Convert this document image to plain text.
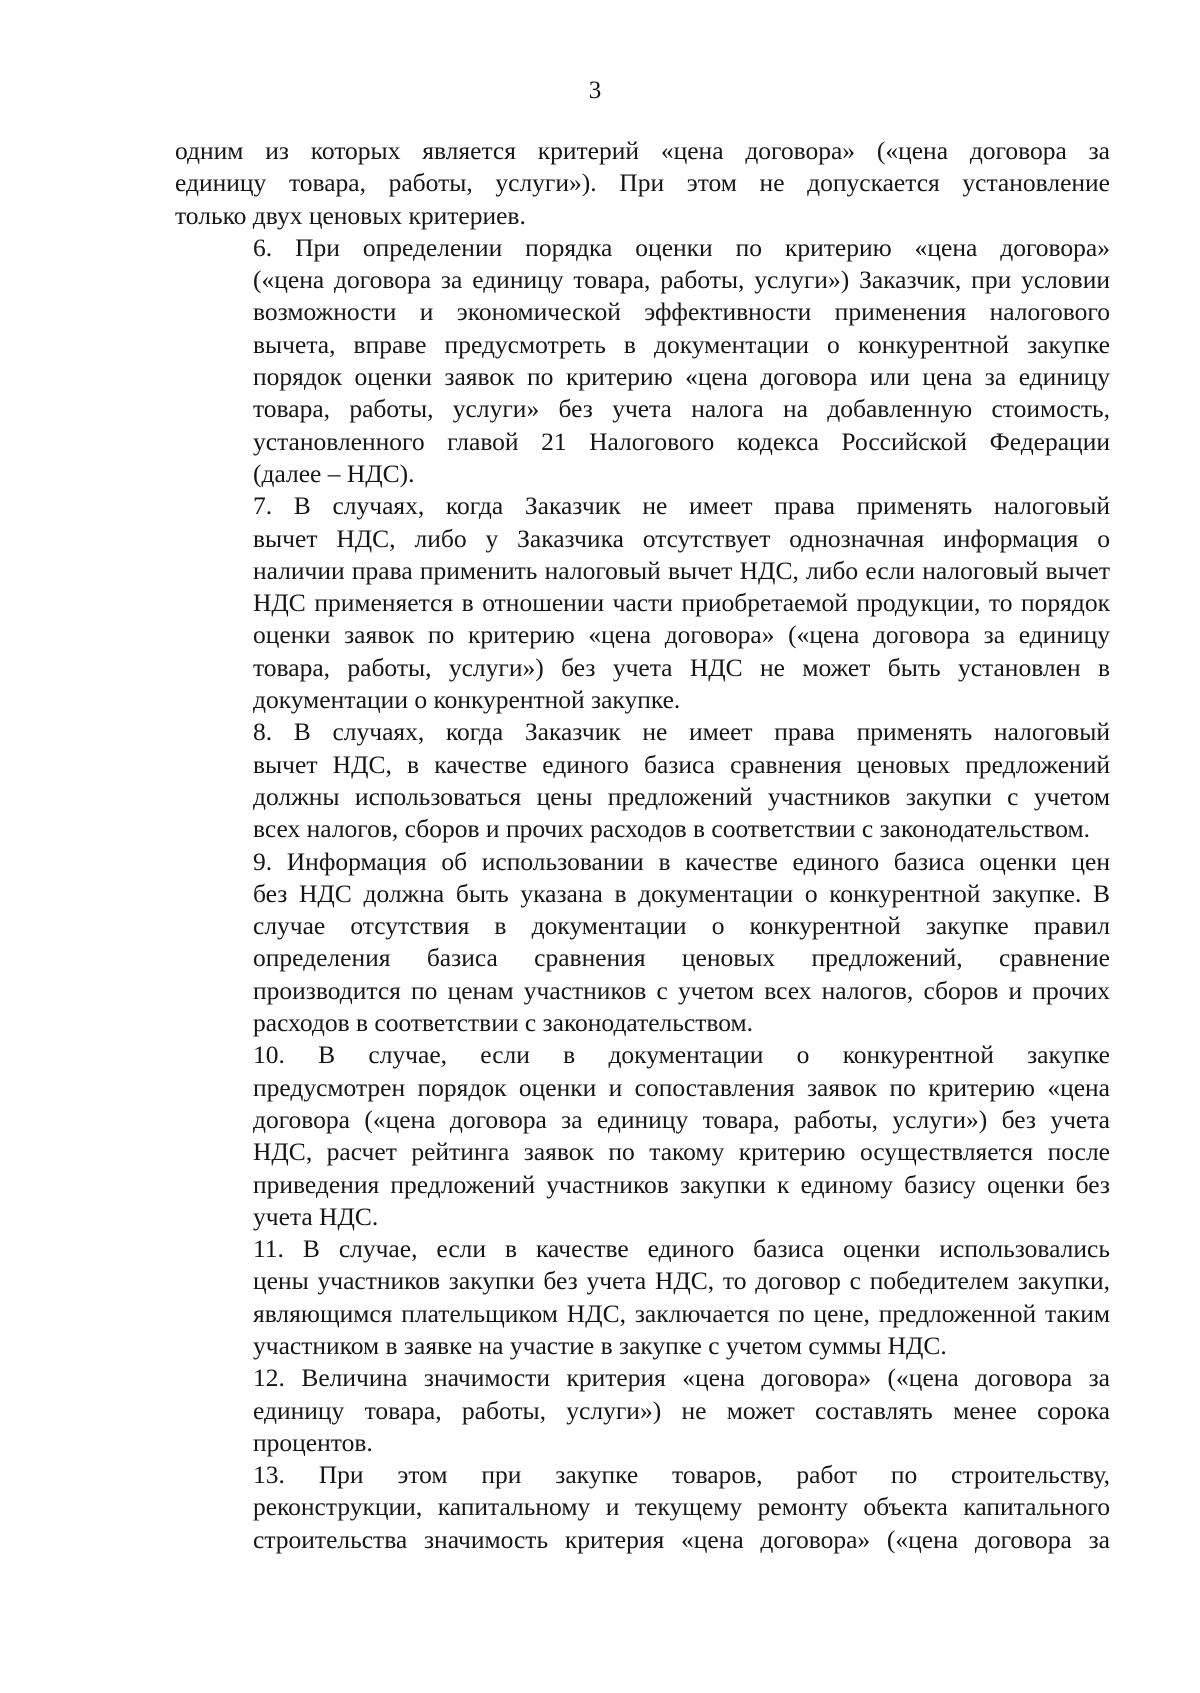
3

одним из которых является критерий «цена договора» («цена договора за
единицу товара, работы, услуги»). При этом не допускается установление
только двух ценовых критериев.

6. При определении порядка оценки по критерию «цена договора»
(«цена договора за единицу товара, работы, услуги») Заказчик, при условии
возможности и экономической эффективности применения налогового
вычета, вправе предусмотреть в документации о конкурентной закупке
порядок оценки заявок по критерию «цена договора или цена за единицу
товара, работы, услуги» без учета налога на добавленную стоимость,
установленного главой 21 Налогового кодекса Российской Федерации
(далее – НДС).

7. В случаях, когда Заказчик не имеет права применять налоговый
вычет НДС, либо у Заказчика отсутствует однозначная информация о
наличии права применить налоговый вычет НДС, либо если налоговый вычет
НДС применяется в отношении части приобретаемой продукции, то порядок
оценки заявок по критерию «цена договора» («цена договора за единицу
товара, работы, услуги») без учета НДС не может быть установлен в
документации о конкурентной закупке.

8. В случаях, когда Заказчик не имеет права применять налоговый
вычет НДС, в качестве единого базиса сравнения ценовых предложений
должны использоваться цены предложений участников закупки с учетом
всех налогов, сборов и прочих расходов в соответствии с законодательством.

9. Информация об использовании в качестве единого базиса оценки цен
без НДС должна быть указана в документации о конкурентной закупке. В
случае отсутствия в документации о конкурентной закупке правил
определения базиса сравнения ценовых предложений, сравнение
производится по ценам участников с учетом всех налогов, сборов и прочих
расходов в соответствии с законодательством.

10. В случае, если в документации о конкурентной закупке
предусмотрен порядок оценки и сопоставления заявок по критерию «цена
договора («цена договора за единицу товара, работы, услуги») без учета
НДС, расчет рейтинга заявок по такому критерию осуществляется после
приведения предложений участников закупки к единому базису оценки без
учета НДС.

11. В случае, если в качестве единого базиса оценки использовались
цены участников закупки без учета НДС, то договор с победителем закупки,
являющимся плательщиком НДС, заключается по цене, предложенной таким
участником в заявке на участие в закупке с учетом суммы НДС.

12. Величина значимости критерия «цена договора» («цена договора за
единицу товара, работы, услуги») не может составлять менее сорока
процентов.

13. При этом при закупке товаров, работ по строительству,
реконструкции, капитальному и текущему ремонту объекта капитального
строительства значимость критерия «цена договора» («цена договора за
